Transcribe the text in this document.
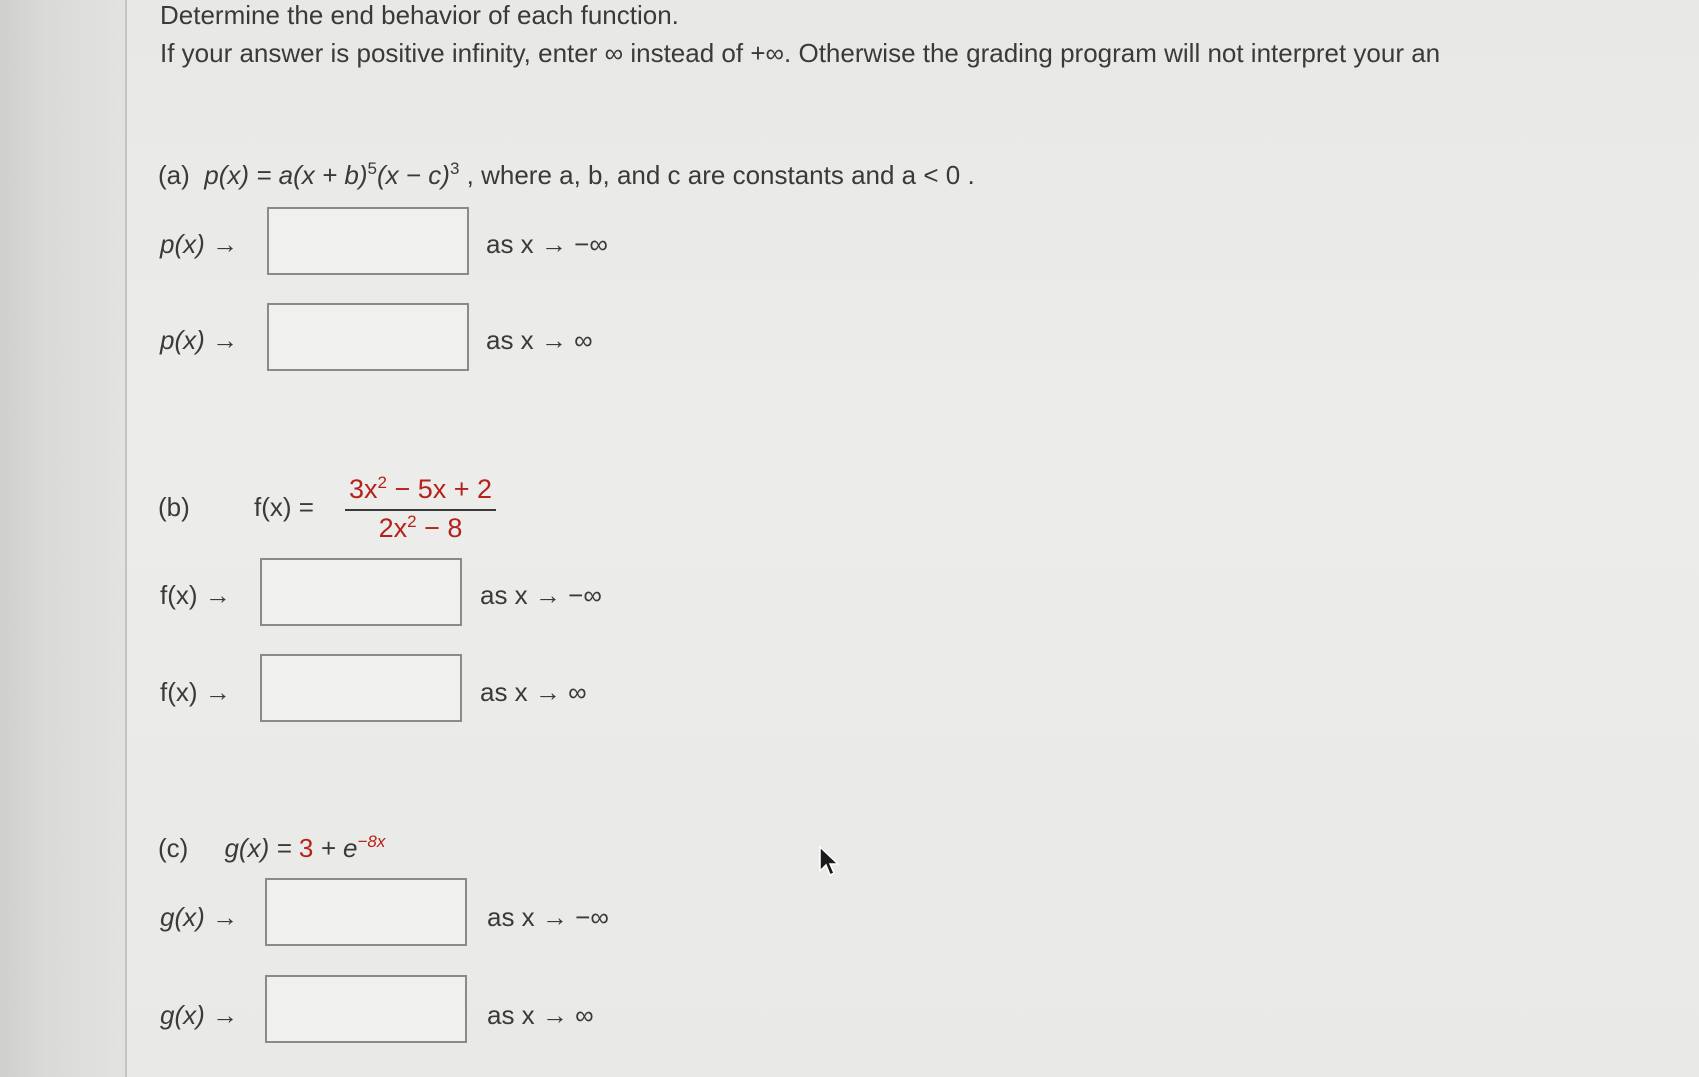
Determine the end behavior of each function.
If your answer is positive infinity, enter ∞ instead of +∞. Otherwise the grading program will not interpret your an
(a) $p(x) = a(x + b)^5(x - c)^3$ , where a, b, and c are constants and a < 0 .
p(x) →	as x → −∞
p(x) →	as x → ∞
(b) $f(x) = \frac{3x^2 - 5x + 2}{2x^2 - 8}$
f(x) →	as x → −∞
f(x) →	as x → ∞
(c) $g(x) = 3 + e^{-8x}$
g(x) →	as x → −∞
g(x) →	as x → ∞
